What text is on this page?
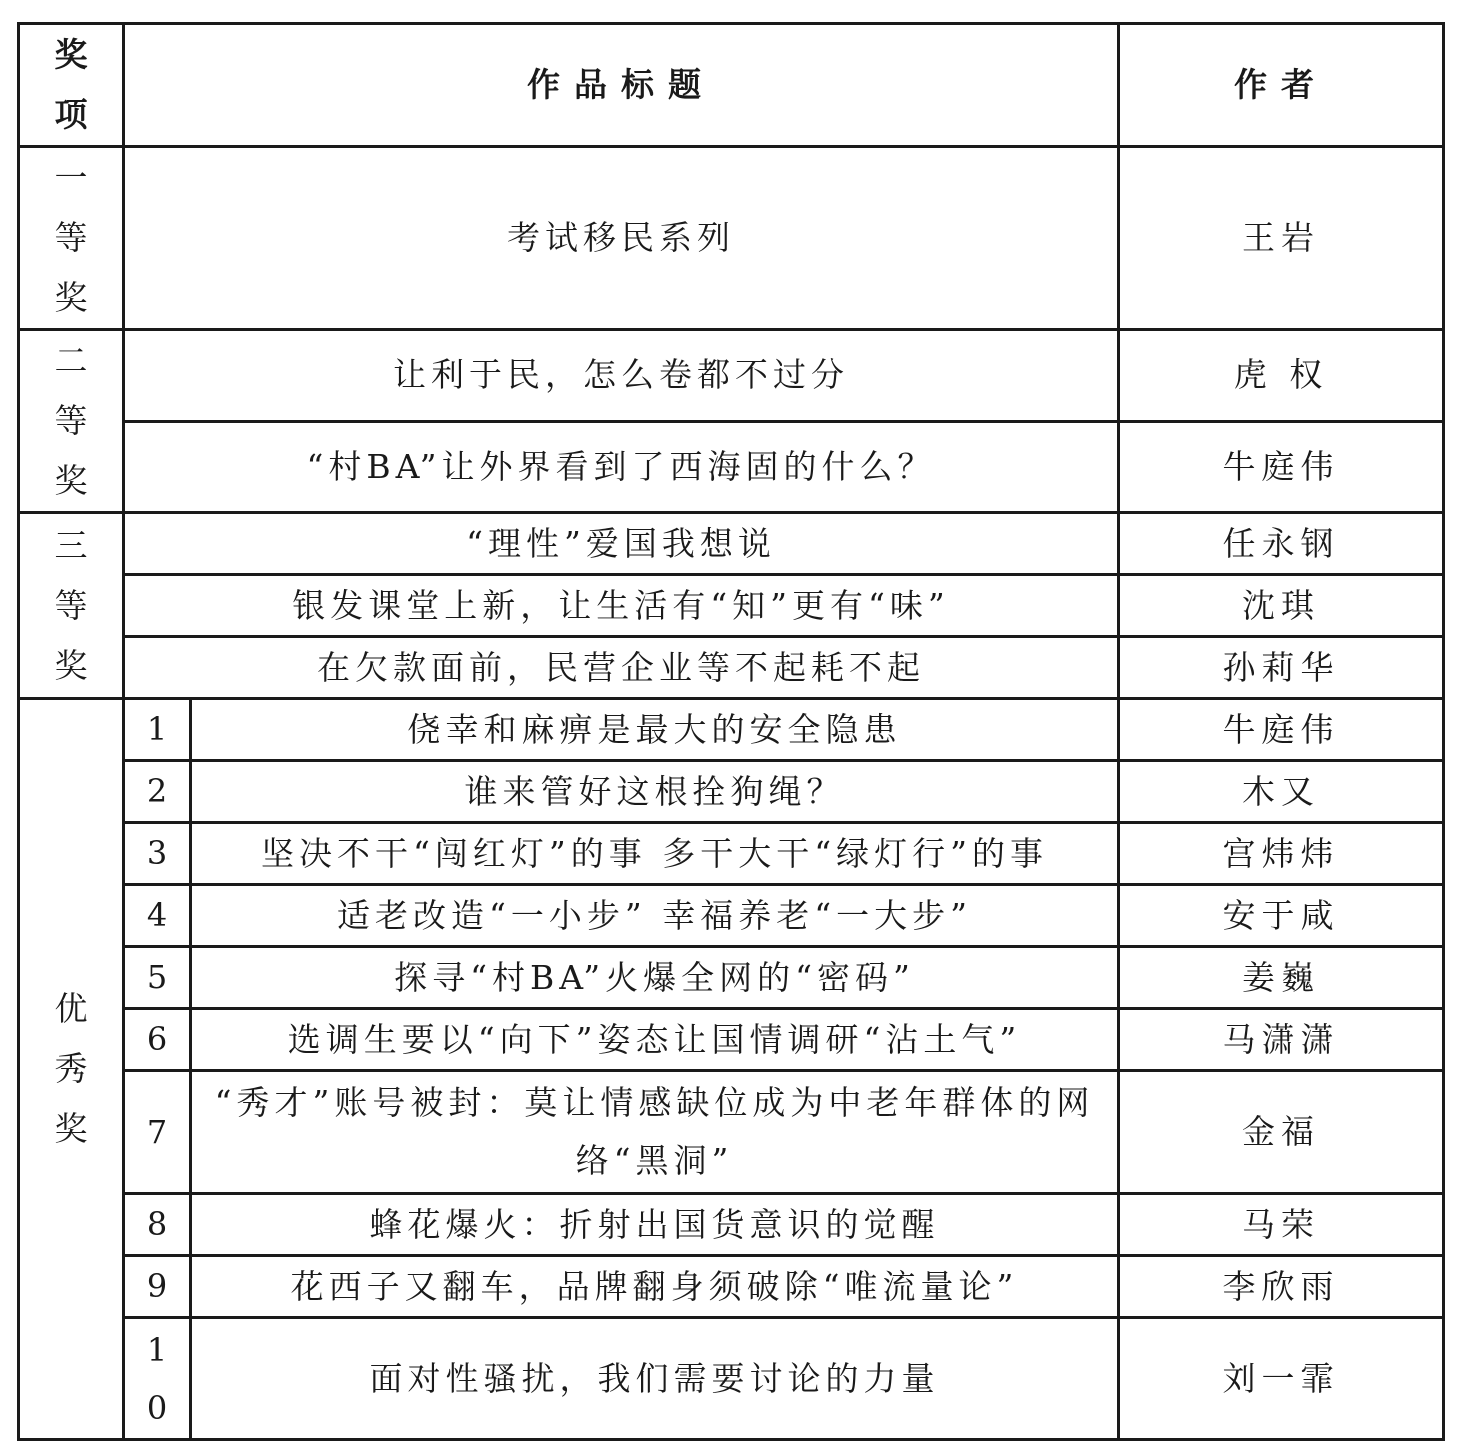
奖
项	作品标题		作者

一
等
奖	考试移民系列		王岩

二
等
奖	让利于民，怎么卷都不过分		虎 权
	“村BA”让外界看到了西海固的什么？		牛庭伟

三
等
奖	“理性”爱国我想说		任永钢
	银发课堂上新，让生活有“知”更有“味”		沈琪
	在欠款面前，民营企业等不起耗不起		孙莉华

优
秀
奖	1	侥幸和麻痹是最大的安全隐患	牛庭伟
	2	谁来管好这根拴狗绳？	木又
	3	坚决不干“闯红灯”的事 多干大干“绿灯行”的事	宫炜炜
	4	适老改造“一小步” 幸福养老“一大步”	安于咸
	5	探寻“村BA”火爆全网的“密码”	姜巍
	6	选调生要以“向下”姿态让国情调研“沾土气”	马潇潇
	7	“秀才”账号被封：莫让情感缺位成为中老年群体的网络“黑洞”	金福
	8	蜂花爆火：折射出国货意识的觉醒	马荣
	9	花西子又翻车，品牌翻身须破除“唯流量论”	李欣雨

	1
0	面对性骚扰，我们需要讨论的力量	刘一霏
